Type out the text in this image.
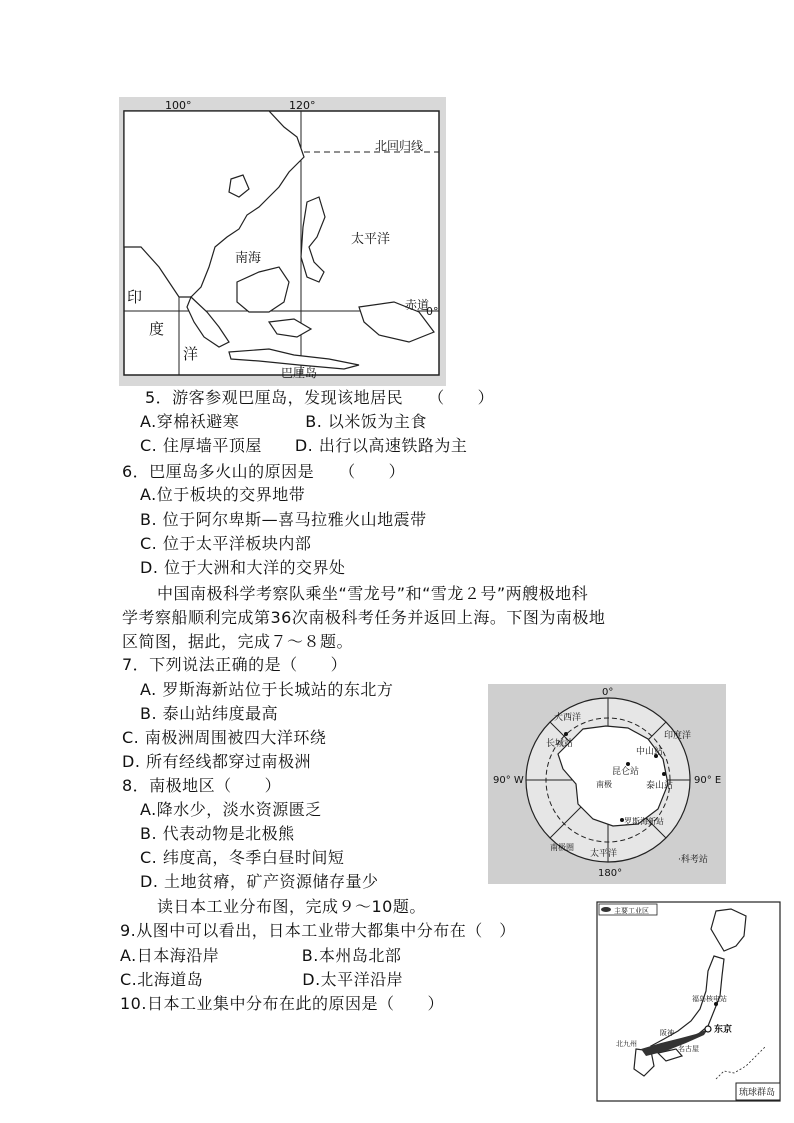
100°	120°
北回归线
太平洋
南海
赤道
0°
印
度
洋
巴厘岛
0°
180°
90° W	90° E
大西洋
长城站
印度洋
中山站
昆仑站
泰山站
南极
罗斯海新站
南极圈
太平洋
·科考站
主要工业区
东京
福岛核电站
阪神
北九州
名古屋
琉球群岛
5．游客参观巴厘岛，发现该地居民　　（　　）
A.穿棉袄避寒　　　　B. 以米饭为主食
C. 住厚墙平顶屋　　D. 出行以高速铁路为主
6．巴厘岛多火山的原因是　　（　　）
A.位于板块的交界地带
B. 位于阿尔卑斯—喜马拉雅火山地震带
C. 位于太平洋板块内部
D. 位于大洲和大洋的交界处
中国南极科学考察队乘坐“雪龙号”和“雪龙２号”两艘极地科
学考察船顺利完成第36次南极科考任务并返回上海。下图为南极地
区简图，据此，完成７～８题。
7．下列说法正确的是（　　）
A. 罗斯海新站位于长城站的东北方
B. 泰山站纬度最高
C. 南极洲周围被四大洋环绕
D. 所有经线都穿过南极洲
8．南极地区（　　）
A.降水少，淡水资源匮乏
B. 代表动物是北极熊
C. 纬度高，冬季白昼时间短
D. 土地贫瘠，矿产资源储存量少
读日本工业分布图，完成９～10题。
9.从图中可以看出，日本工业带大都集中分布在（　）
A.日本海沿岸　　　　　B.本州岛北部
C.北海道岛　　　　　　D.太平洋沿岸
10.日本工业集中分布在此的原因是（　　）
